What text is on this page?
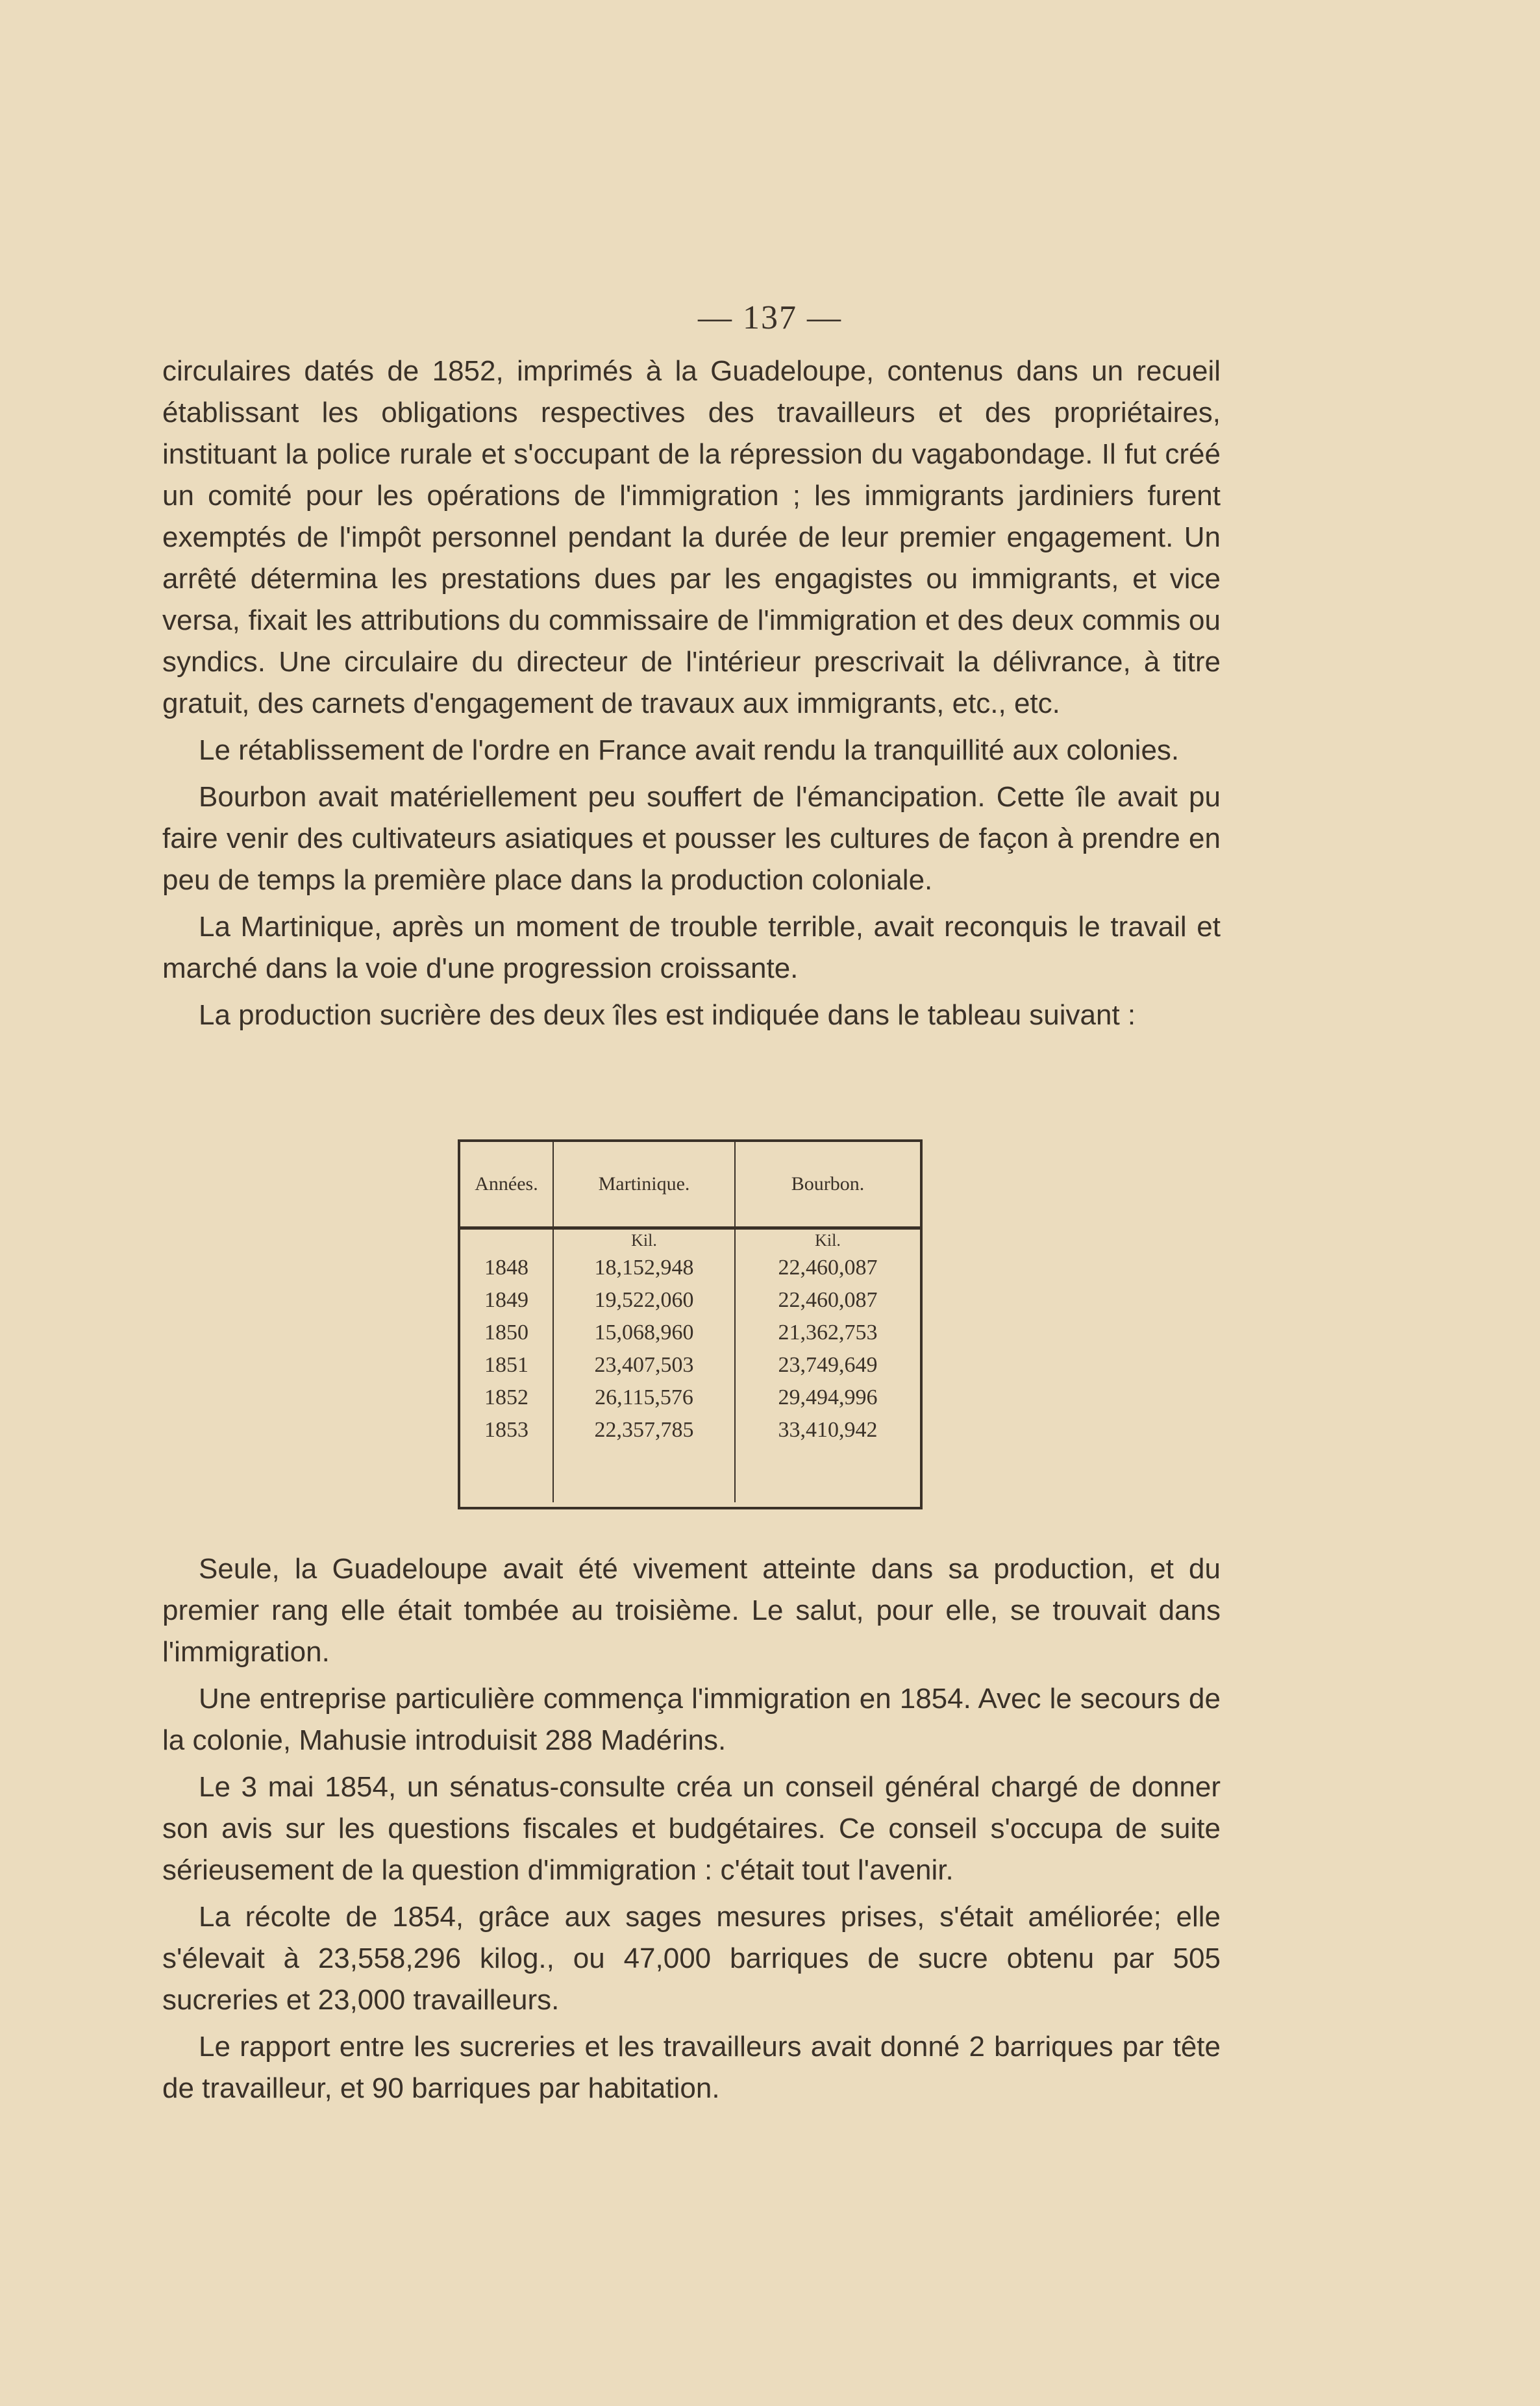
— 137 —

circulaires datés de 1852, imprimés à la Guadeloupe, contenus dans un recueil établissant les obligations respectives des travailleurs et des propriétaires, instituant la police rurale et s'occupant de la répression du vagabondage. Il fut créé un comité pour les opérations de l'immigration ; les immigrants jardiniers furent exemptés de l'impôt personnel pendant la durée de leur premier engagement. Un arrêté détermina les prestations dues par les engagistes ou immigrants, et vice versa, fixait les attributions du commissaire de l'immigration et des deux commis ou syndics. Une circulaire du directeur de l'intérieur prescrivait la délivrance, à titre gratuit, des carnets d'engagement de travaux aux immigrants, etc., etc.

Le rétablissement de l'ordre en France avait rendu la tranquillité aux colonies.

Bourbon avait matériellement peu souffert de l'émancipation. Cette île avait pu faire venir des cultivateurs asiatiques et pousser les cultures de façon à prendre en peu de temps la première place dans la production coloniale.

La Martinique, après un moment de trouble terrible, avait reconquis le travail et marché dans la voie d'une progression croissante.

La production sucrière des deux îles est indiquée dans le tableau suivant :

Années.	Martinique.	Bourbon.
	Kil.	Kil.
1848	18,152,948	22,460,087
1849	19,522,060	22,460,087
1850	15,068,960	21,362,753
1851	23,407,503	23,749,649
1852	26,115,576	29,494,996
1853	22,357,785	33,410,942

Seule, la Guadeloupe avait été vivement atteinte dans sa production, et du premier rang elle était tombée au troisième. Le salut, pour elle, se trouvait dans l'immigration.

Une entreprise particulière commença l'immigration en 1854. Avec le secours de la colonie, Mahusie introduisit 288 Madérins.

Le 3 mai 1854, un sénatus-consulte créa un conseil général chargé de donner son avis sur les questions fiscales et budgétaires. Ce conseil s'occupa de suite sérieusement de la question d'immigration : c'était tout l'avenir.

La récolte de 1854, grâce aux sages mesures prises, s'était améliorée; elle s'élevait à 23,558,296 kilog., ou 47,000 barriques de sucre obtenu par 505 sucreries et 23,000 travailleurs.

Le rapport entre les sucreries et les travailleurs avait donné 2 barriques par tête de travailleur, et 90 barriques par habitation.
